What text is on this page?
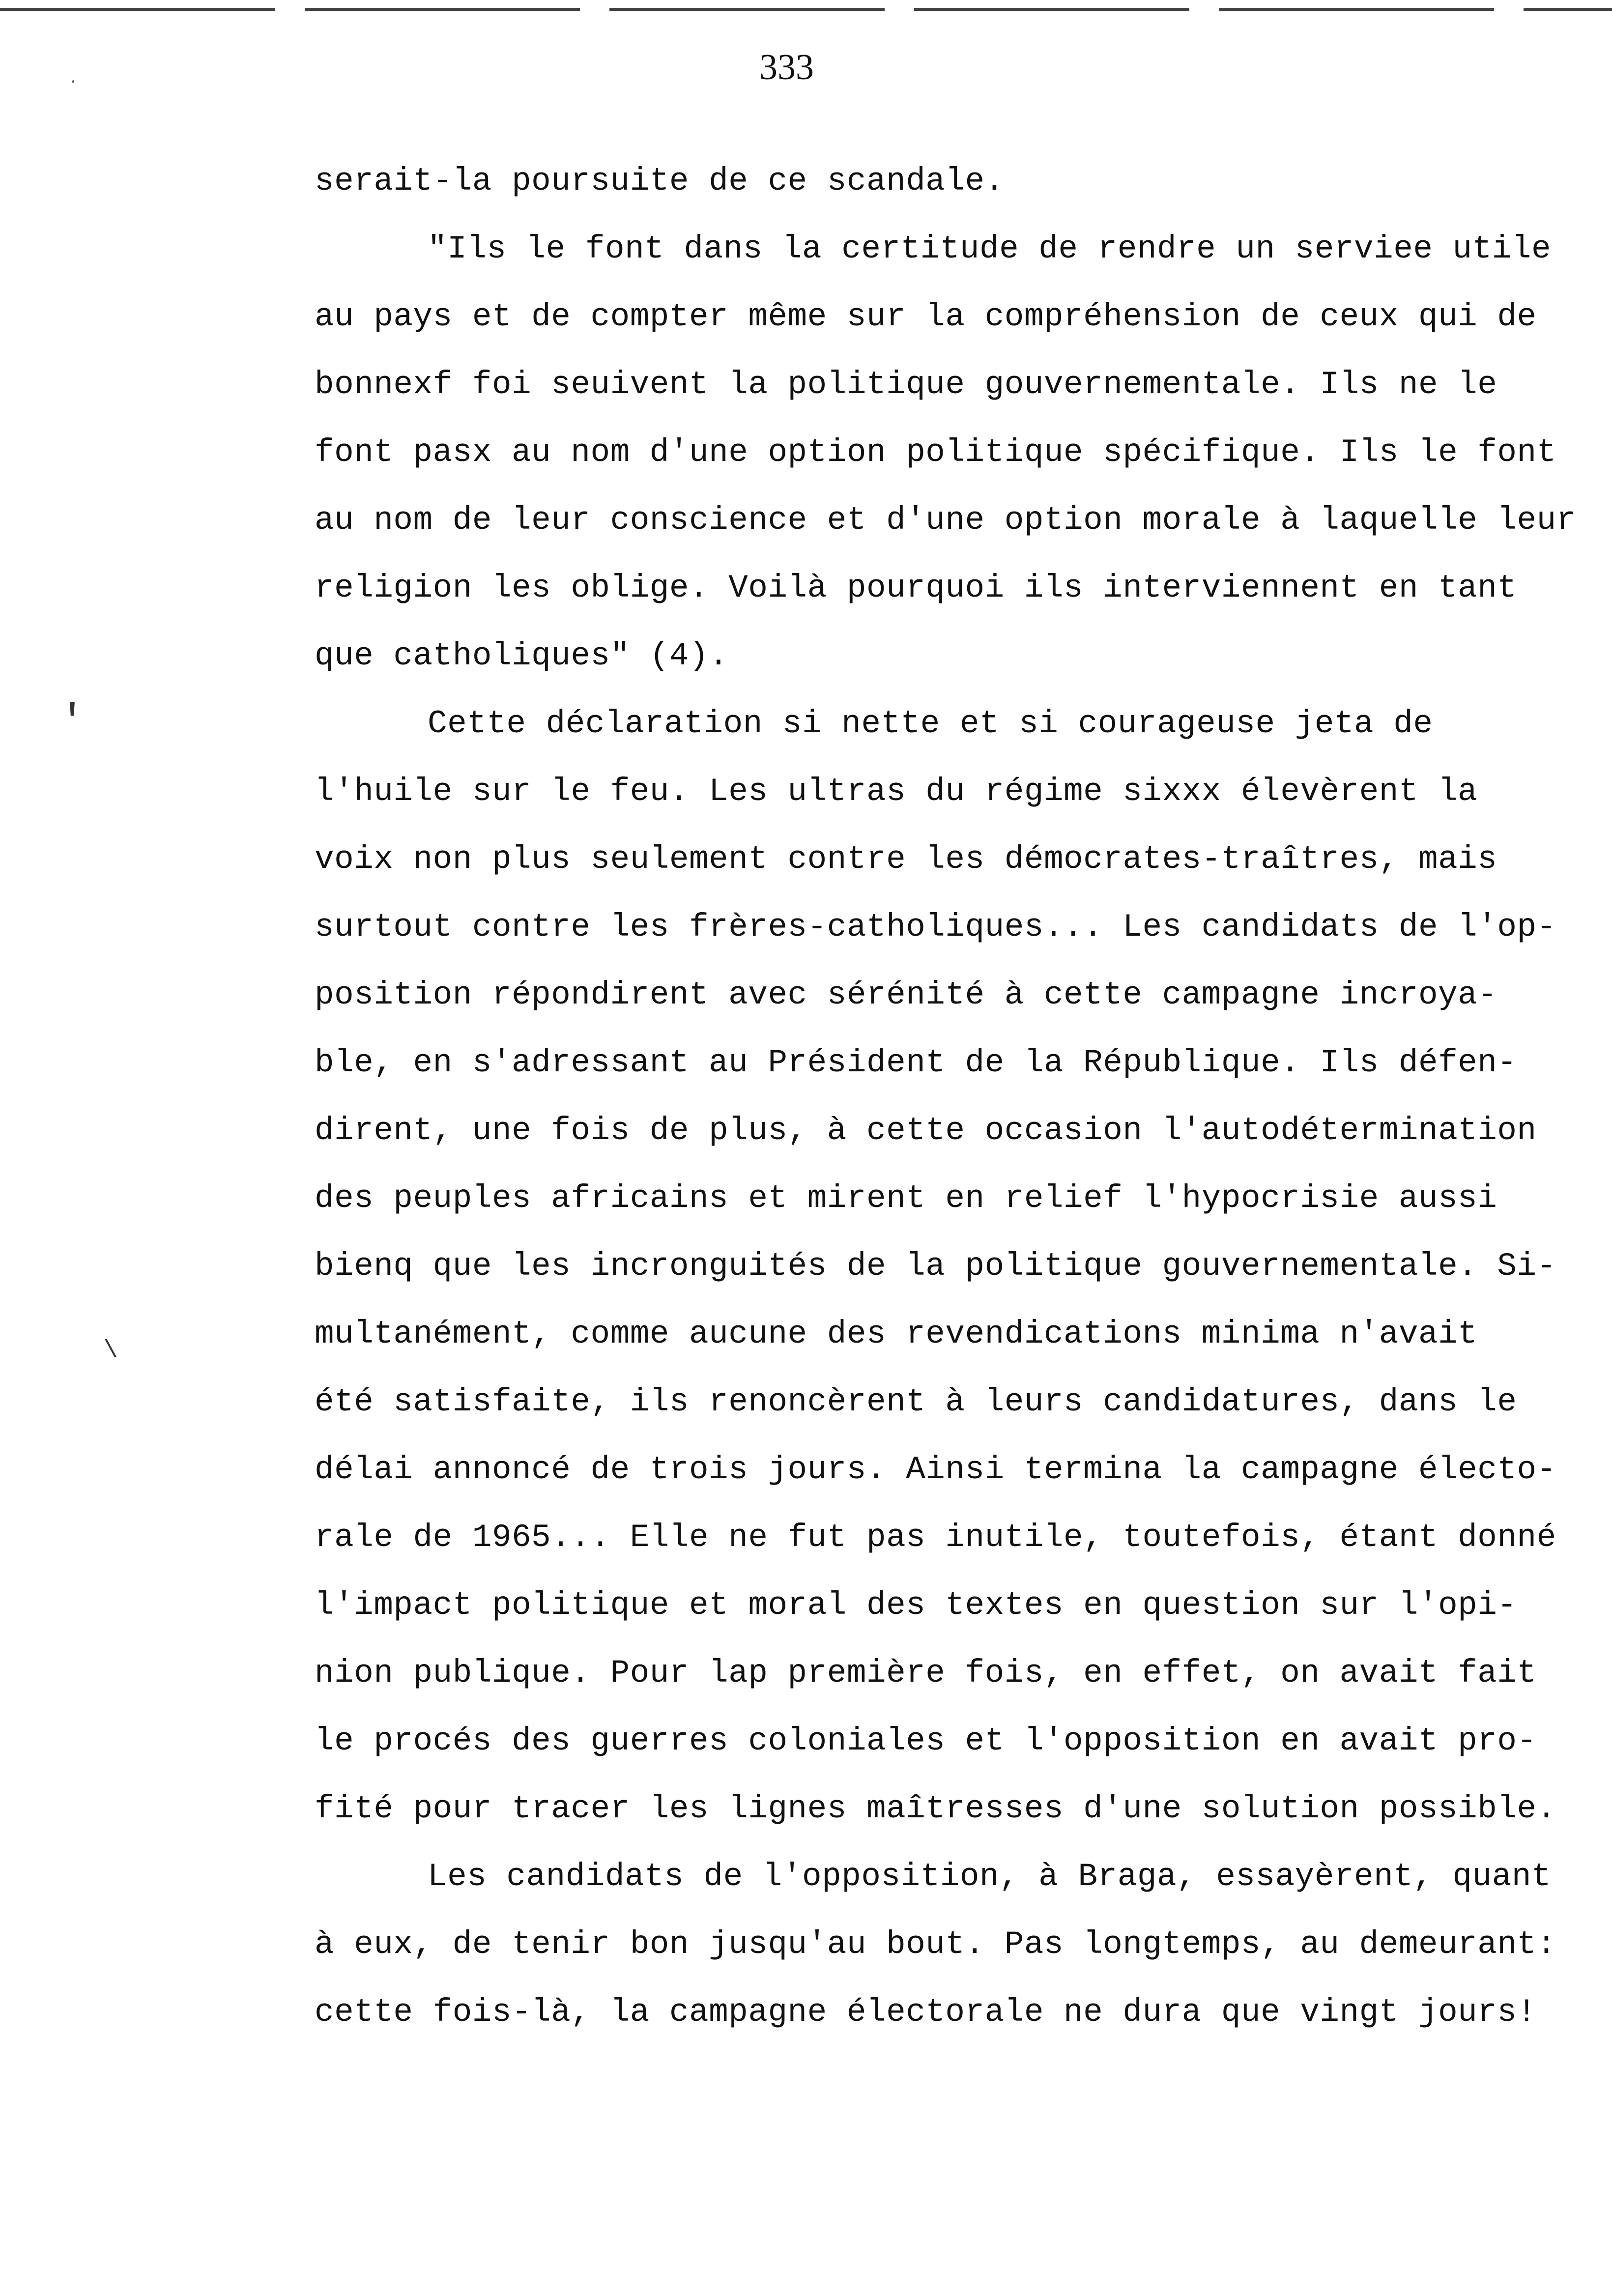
333
·
′
\
serait-la poursuite de ce scandale.
"Ils le font dans la certitude de rendre un serviee utile
au pays et de compter même sur la compréhension de ceux qui de
bonnexf foi seuivent la politique gouvernementale. Ils ne le
font pasx au nom d'une option politique spécifique. Ils le font
au nom de leur conscience et d'une option morale à laquelle leur
religion les oblige. Voilà pourquoi ils interviennent en tant
que catholiques" (4).
Cette déclaration si nette et si courageuse jeta de
l'huile sur le feu. Les ultras du régime sixxx élevèrent la
voix non plus seulement contre les démocrates-traîtres, mais
surtout contre les frères-catholiques... Les candidats de l'op-
position répondirent avec sérénité à cette campagne incroya-
ble, en s'adressant au Président de la République. Ils défen-
dirent, une fois de plus, à cette occasion l'autodétermination
des peuples africains et mirent en relief l'hypocrisie aussi
bienq que les incronguités de la politique gouvernementale. Si-
multanément, comme aucune des revendications minima n'avait
été satisfaite, ils renoncèrent à leurs candidatures, dans le
délai annoncé de trois jours. Ainsi termina la campagne électo-
rale de 1965... Elle ne fut pas inutile, toutefois, étant donné
l'impact politique et moral des textes en question sur l'opi-
nion publique. Pour lap première fois, en effet, on avait fait
le procés des guerres coloniales et l'opposition en avait pro-
fité pour tracer les lignes maîtresses d'une solution possible.
Les candidats de l'opposition, à Braga, essayèrent, quant
à eux, de tenir bon jusqu'au bout. Pas longtemps, au demeurant:
cette fois-là, la campagne électorale ne dura que vingt jours!
